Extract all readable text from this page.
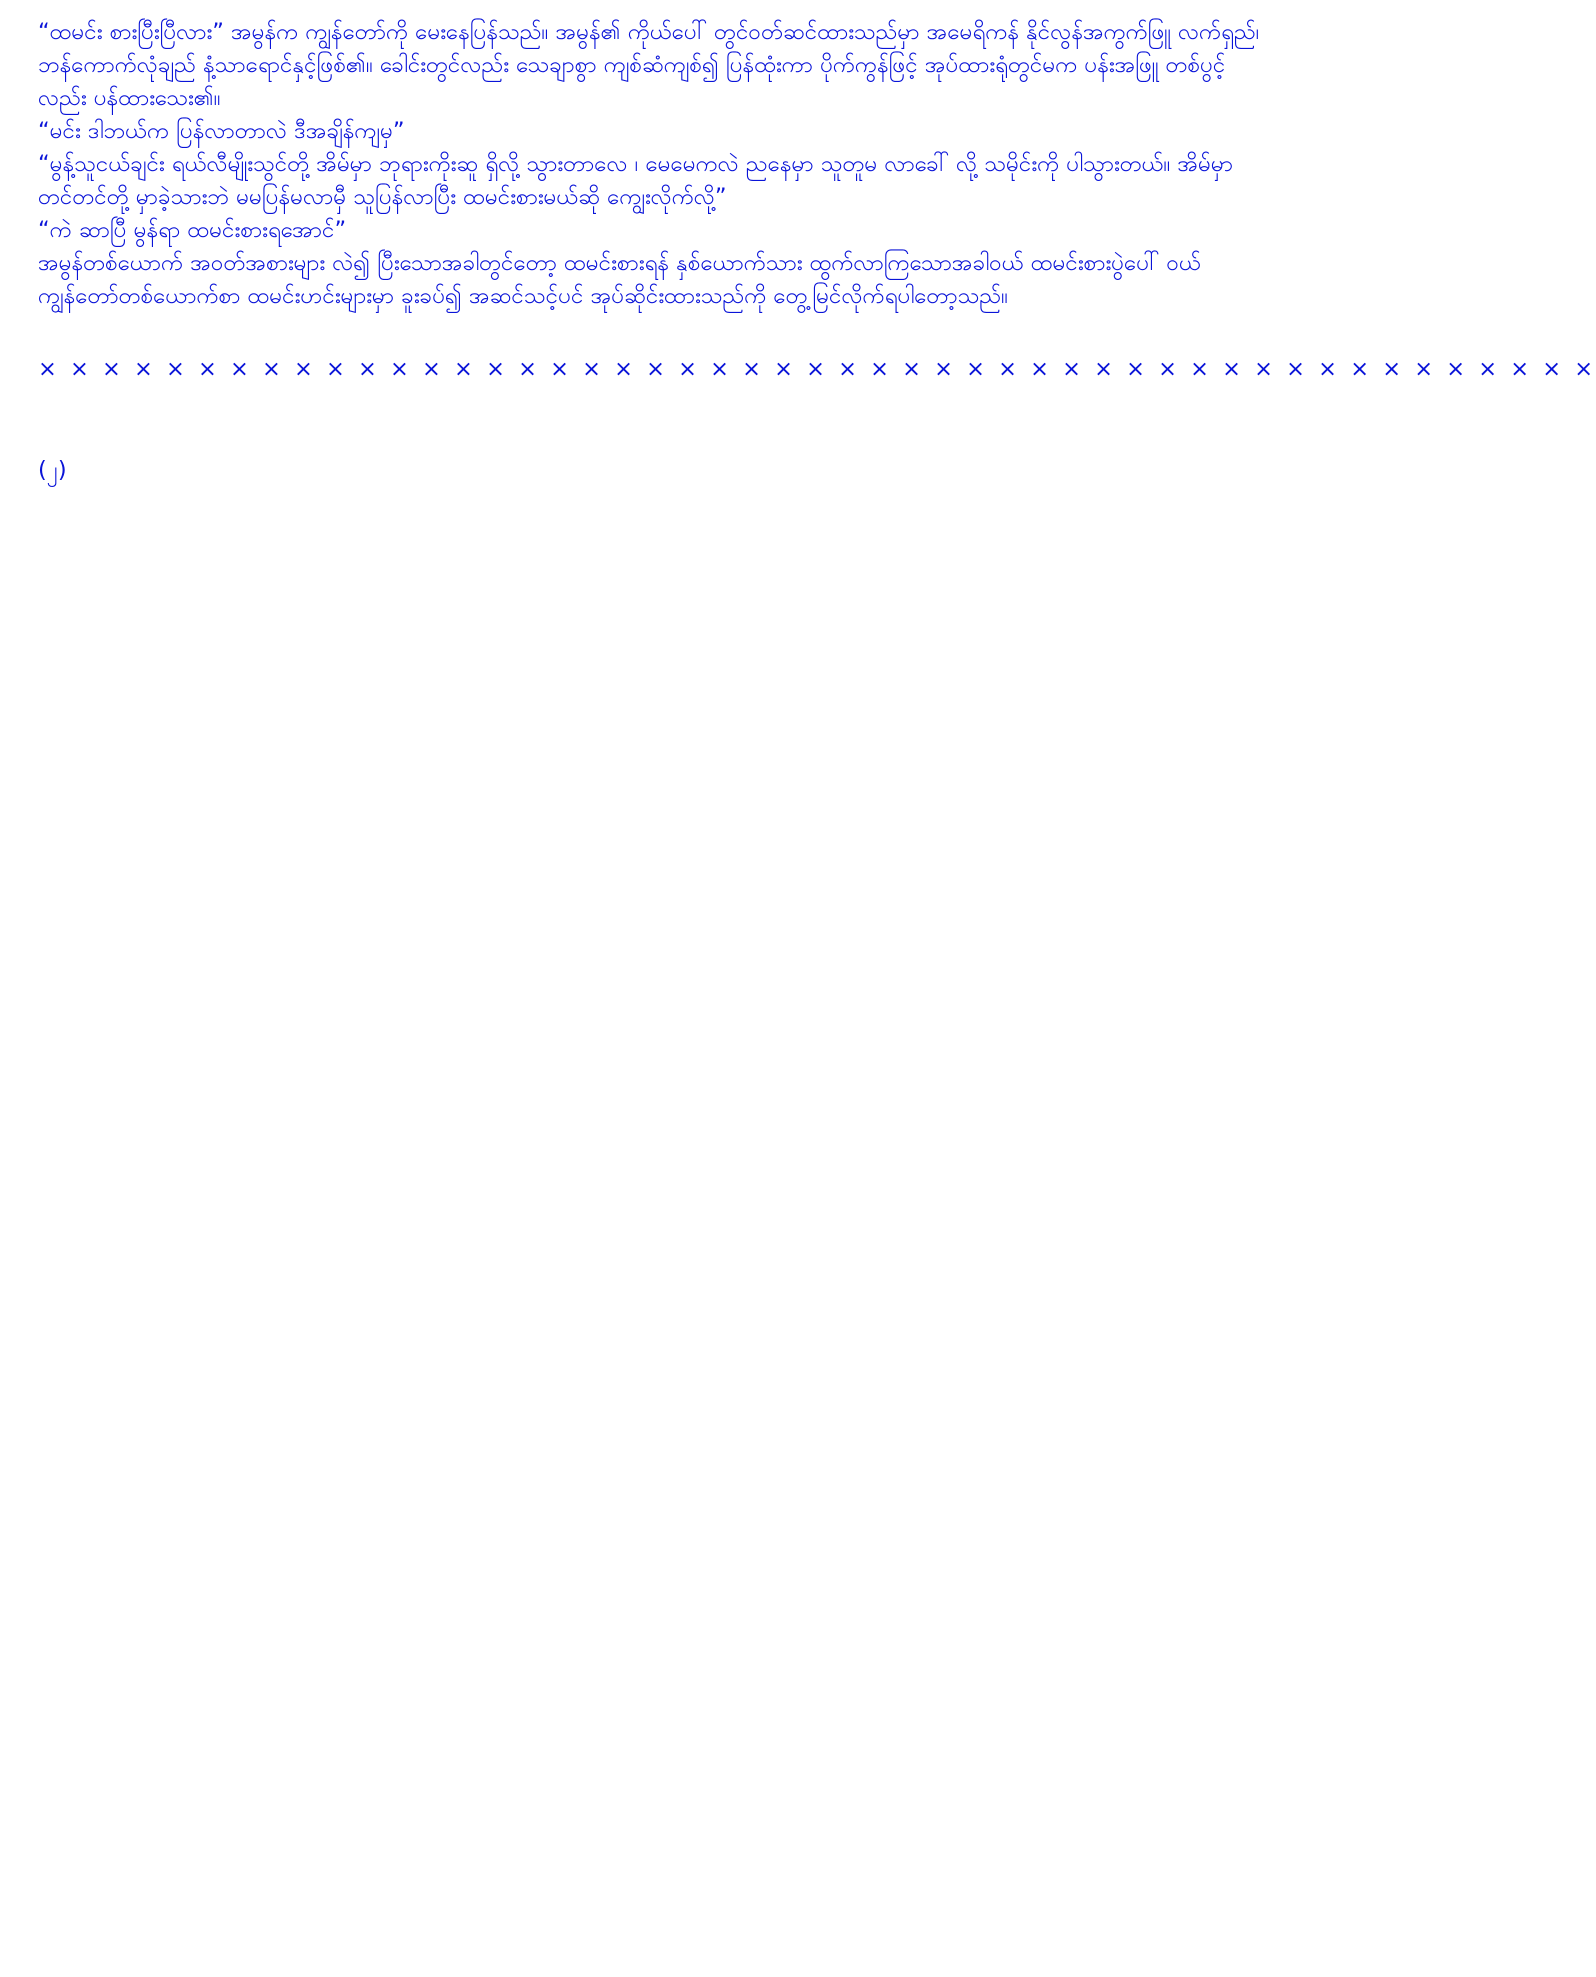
“ထမင်း စားပြီးပြီလား” အမွန်က ကျွန်တော်ကို မေးနေပြန်သည်။ အမွန်၏ ကိုယ်ပေါ် တွင်ဝတ်ဆင်ထားသည်မှာ အမေရိကန် နိုင်လွန်အကွက်ဖြူ လက်ရှည်၊ ဘန်ကောက်လုံချည် နံ့သာရောင်နှင့်ဖြစ်၏။ ခေါင်းတွင်လည်း သေချာစွာ ကျစ်ဆံကျစ်၍ ပြန်ထုံးကာ ပိုက်ကွန်ဖြင့် အုပ်ထားရုံတွင်မက ပန်းအဖြူ တစ်ပွင့်လည်း ပန်ထားသေး၏။

“မင်း ဒါဘယ်က ပြန်လာတာလဲ ဒီအချိန်ကျမှ”

“မွန့်သူငယ်ချင်း ရယ်လီမျိုးသွင်တို့ အိမ်မှာ ဘုရားကိုးဆူ ရှိလို့ သွားတာလေ ၊ မေမေကလဲ ညနေမှာ သူတူမ လာခေါ် လို့ သမိုင်းကို ပါသွားတယ်။ အိမ်မှာ တင်တင်တို့ မှာခဲ့သားဘဲ မမပြန်မလာမှီ သူပြန်လာပြီး ထမင်းစားမယ်ဆို ကျွေးလိုက်လို့”

“ကဲ ဆာပြီ မွန်ရာ ထမင်းစားရအောင်”

အမွန်တစ်ယောက် အဝတ်အစားများ လဲ၍ ပြီးသောအခါတွင်တော့ ထမင်းစားရန် နှစ်ယောက်သား ထွက်လာကြသောအခါဝယ် ထမင်းစားပွဲပေါ် ဝယ် ကျွန်တော်တစ်ယောက်စာ ထမင်းဟင်းများမှာ ခူးခပ်၍ အဆင်သင့်ပင် အုပ်ဆိုင်းထားသည်ကို တွေ့မြင်လိုက်ရပါတော့သည်။

× × × × × × × × × × × × × × × × × × × × × × × × × × × × × × × × × × × × × × × × × × × × × × × × ×
(၂)
